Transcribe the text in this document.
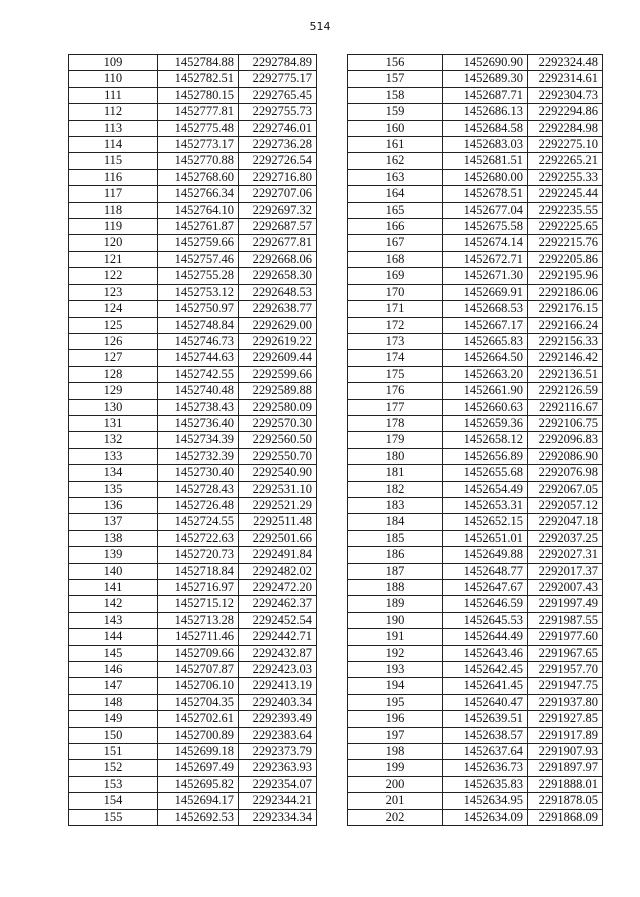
514
109	1452784.88	2292784.89
110	1452782.51	2292775.17
111	1452780.15	2292765.45
112	1452777.81	2292755.73
113	1452775.48	2292746.01
114	1452773.17	2292736.28
115	1452770.88	2292726.54
116	1452768.60	2292716.80
117	1452766.34	2292707.06
118	1452764.10	2292697.32
119	1452761.87	2292687.57
120	1452759.66	2292677.81
121	1452757.46	2292668.06
122	1452755.28	2292658.30
123	1452753.12	2292648.53
124	1452750.97	2292638.77
125	1452748.84	2292629.00
126	1452746.73	2292619.22
127	1452744.63	2292609.44
128	1452742.55	2292599.66
129	1452740.48	2292589.88
130	1452738.43	2292580.09
131	1452736.40	2292570.30
132	1452734.39	2292560.50
133	1452732.39	2292550.70
134	1452730.40	2292540.90
135	1452728.43	2292531.10
136	1452726.48	2292521.29
137	1452724.55	2292511.48
138	1452722.63	2292501.66
139	1452720.73	2292491.84
140	1452718.84	2292482.02
141	1452716.97	2292472.20
142	1452715.12	2292462.37
143	1452713.28	2292452.54
144	1452711.46	2292442.71
145	1452709.66	2292432.87
146	1452707.87	2292423.03
147	1452706.10	2292413.19
148	1452704.35	2292403.34
149	1452702.61	2292393.49
150	1452700.89	2292383.64
151	1452699.18	2292373.79
152	1452697.49	2292363.93
153	1452695.82	2292354.07
154	1452694.17	2292344.21
155	1452692.53	2292334.34
156	1452690.90	2292324.48
157	1452689.30	2292314.61
158	1452687.71	2292304.73
159	1452686.13	2292294.86
160	1452684.58	2292284.98
161	1452683.03	2292275.10
162	1452681.51	2292265.21
163	1452680.00	2292255.33
164	1452678.51	2292245.44
165	1452677.04	2292235.55
166	1452675.58	2292225.65
167	1452674.14	2292215.76
168	1452672.71	2292205.86
169	1452671.30	2292195.96
170	1452669.91	2292186.06
171	1452668.53	2292176.15
172	1452667.17	2292166.24
173	1452665.83	2292156.33
174	1452664.50	2292146.42
175	1452663.20	2292136.51
176	1452661.90	2292126.59
177	1452660.63	2292116.67
178	1452659.36	2292106.75
179	1452658.12	2292096.83
180	1452656.89	2292086.90
181	1452655.68	2292076.98
182	1452654.49	2292067.05
183	1452653.31	2292057.12
184	1452652.15	2292047.18
185	1452651.01	2292037.25
186	1452649.88	2292027.31
187	1452648.77	2292017.37
188	1452647.67	2292007.43
189	1452646.59	2291997.49
190	1452645.53	2291987.55
191	1452644.49	2291977.60
192	1452643.46	2291967.65
193	1452642.45	2291957.70
194	1452641.45	2291947.75
195	1452640.47	2291937.80
196	1452639.51	2291927.85
197	1452638.57	2291917.89
198	1452637.64	2291907.93
199	1452636.73	2291897.97
200	1452635.83	2291888.01
201	1452634.95	2291878.05
202	1452634.09	2291868.09
